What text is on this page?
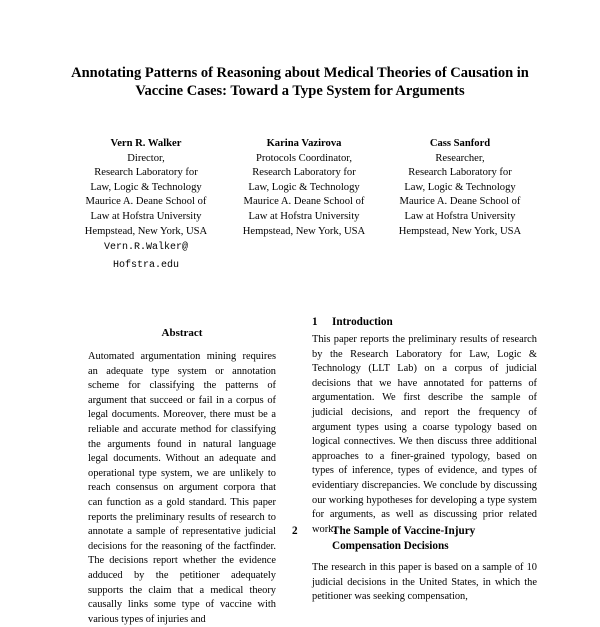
Annotating Patterns of Reasoning about Medical Theories of Causation in Vaccine Cases: Toward a Type System for Arguments
Vern R. Walker
Director,
Research Laboratory for
Law, Logic & Technology
Maurice A. Deane School of
Law at Hofstra University
Hempstead, New York, USA
Vern.R.Walker@
Hofstra.edu
Karina Vazirova
Protocols Coordinator,
Research Laboratory for
Law, Logic & Technology
Maurice A. Deane School of
Law at Hofstra University
Hempstead, New York, USA
Cass Sanford
Researcher,
Research Laboratory for
Law, Logic & Technology
Maurice A. Deane School of
Law at Hofstra University
Hempstead, New York, USA
Abstract
Automated argumentation mining requires an adequate type system or annotation scheme for classifying the patterns of argument that succeed or fail in a corpus of legal documents. Moreover, there must be a reliable and accurate method for classifying the arguments found in natural language legal documents. Without an adequate and operational type system, we are unlikely to reach consensus on argument corpora that can function as a gold standard. This paper reports the preliminary results of research to annotate a sample of representative judicial decisions for the reasoning of the factfinder. The decisions report whether the evidence adduced by the petitioner adequately supports the claim that a medical theory causally links some type of vaccine with various types of injuries and
1 Introduction
This paper reports the preliminary results of research by the Research Laboratory for Law, Logic & Technology (LLT Lab) on a corpus of judicial decisions that we have annotated for patterns of argumentation. We first describe the sample of judicial decisions, and report the frequency of argument types using a coarse typology based on logical connectives. We then discuss three additional approaches to a finer-grained typology, based on types of inference, types of evidence, and types of evidentiary discrepancies. We conclude by discussing our working hypotheses for developing a type system for arguments, as well as discussing prior related work.
2	The Sample of Vaccine-Injury Compensation Decisions
The research in this paper is based on a sample of 10 judicial decisions in the United States, in which the petitioner was seeking compensation,
